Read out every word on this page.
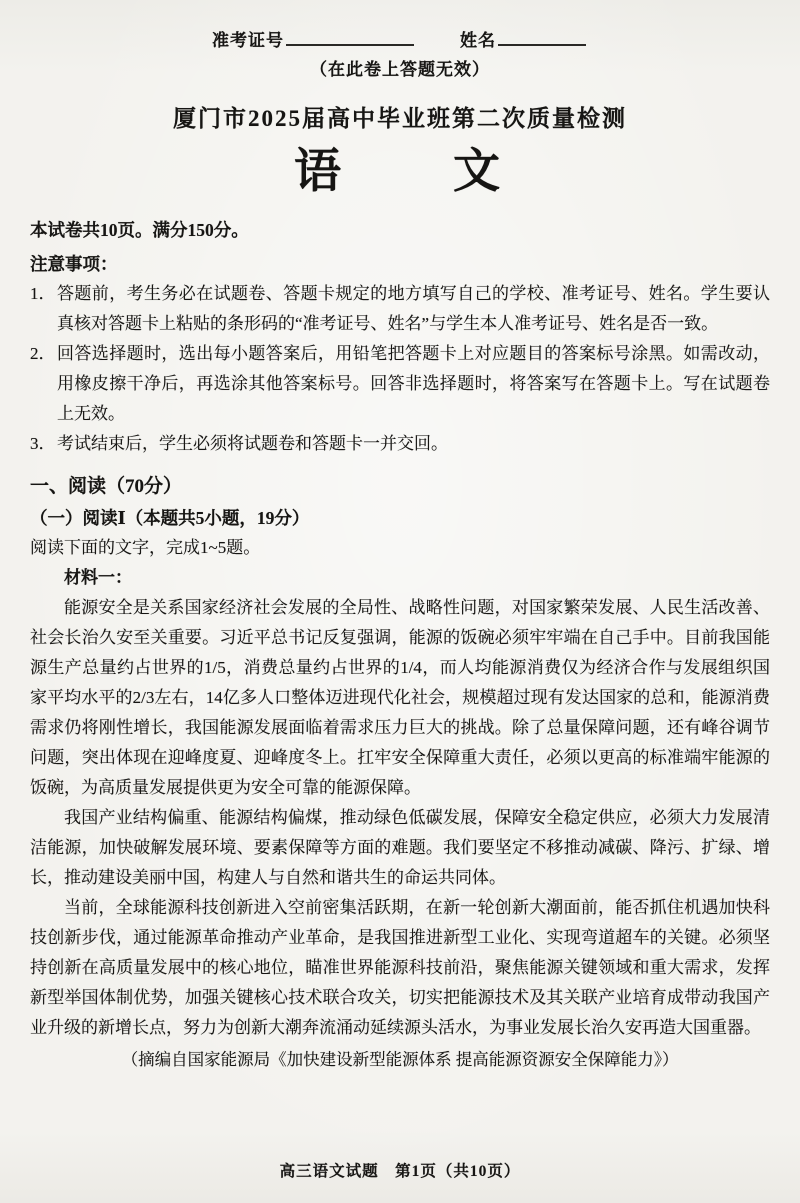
准考证号	姓名
（在此卷上答题无效）
厦门市2025届高中毕业班第二次质量检测
语　　文
本试卷共10页。满分150分。
注意事项：
1． 答题前，考生务必在试题卷、答题卡规定的地方填写自己的学校、准考证号、姓名。学生要认真核对答题卡上粘贴的条形码的“准考证号、姓名”与学生本人准考证号、姓名是否一致。
2． 回答选择题时，选出每小题答案后，用铅笔把答题卡上对应题目的答案标号涂黑。如需改动，用橡皮擦干净后，再选涂其他答案标号。回答非选择题时，将答案写在答题卡上。写在试题卷上无效。
3． 考试结束后，学生必须将试题卷和答题卡一并交回。
一、阅读（70分）
（一）阅读Ⅰ（本题共5小题，19分）
阅读下面的文字，完成1~5题。
材料一：

能源安全是关系国家经济社会发展的全局性、战略性问题，对国家繁荣发展、人民生活改善、社会长治久安至关重要。习近平总书记反复强调，能源的饭碗必须牢牢端在自己手中。目前我国能源生产总量约占世界的1/5，消费总量约占世界的1/4，而人均能源消费仅为经济合作与发展组织国家平均水平的2/3左右，14亿多人口整体迈进现代化社会，规模超过现有发达国家的总和，能源消费需求仍将刚性增长，我国能源发展面临着需求压力巨大的挑战。除了总量保障问题，还有峰谷调节问题，突出体现在迎峰度夏、迎峰度冬上。扛牢安全保障重大责任，必须以更高的标准端牢能源的饭碗，为高质量发展提供更为安全可靠的能源保障。

我国产业结构偏重、能源结构偏煤，推动绿色低碳发展，保障安全稳定供应，必须大力发展清洁能源，加快破解发展环境、要素保障等方面的难题。我们要坚定不移推动减碳、降污、扩绿、增长，推动建设美丽中国，构建人与自然和谐共生的命运共同体。

当前，全球能源科技创新进入空前密集活跃期，在新一轮创新大潮面前，能否抓住机遇加快科技创新步伐，通过能源革命推动产业革命，是我国推进新型工业化、实现弯道超车的关键。必须坚持创新在高质量发展中的核心地位，瞄准世界能源科技前沿，聚焦能源关键领域和重大需求，发挥新型举国体制优势，加强关键核心技术联合攻关，切实把能源技术及其关联产业培育成带动我国产业升级的新增长点，努力为创新大潮奔流涌动延续源头活水，为事业发展长治久安再造大国重器。

（摘编自国家能源局《加快建设新型能源体系 提高能源资源安全保障能力》）
高三语文试题　第1页（共10页）
